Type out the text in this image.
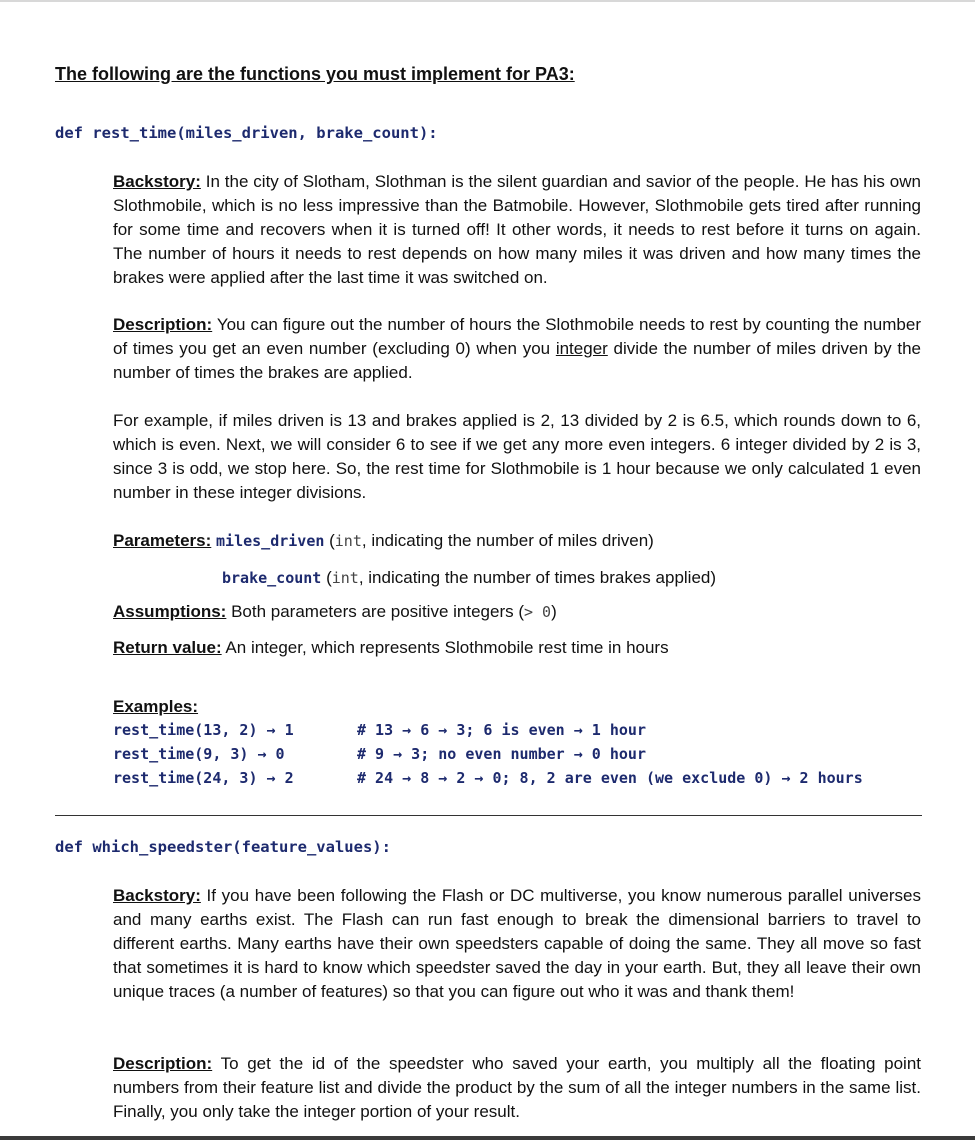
The following are the functions you must implement for PA3:
def rest_time(miles_driven, brake_count):

Backstory: In the city of Slotham, Slothman is the silent guardian and savior of the people. He has his own Slothmobile, which is no less impressive than the Batmobile. However, Slothmobile gets tired after running for some time and recovers when it is turned off! It other words, it needs to rest before it turns on again. The number of hours it needs to rest depends on how many miles it was driven and how many times the brakes were applied after the last time it was switched on.

Description: You can figure out the number of hours the Slothmobile needs to rest by counting the number of times you get an even number (excluding 0) when you integer divide the number of miles driven by the number of times the brakes are applied.

For example, if miles driven is 13 and brakes applied is 2, 13 divided by 2 is 6.5, which rounds down to 6, which is even. Next, we will consider 6 to see if we get any more even integers. 6 integer divided by 2 is 3, since 3 is odd, we stop here. So, the rest time for Slothmobile is 1 hour because we only calculated 1 even number in these integer divisions.

Parameters: miles_driven (int, indicating the number of miles driven)
brake_count (int, indicating the number of times brakes applied)
Assumptions: Both parameters are positive integers (> 0)
Return value: An integer, which represents Slothmobile rest time in hours
Examples:
rest_time(13, 2) → 1	# 13 → 6 → 3; 6 is even → 1 hour
rest_time(9, 3) → 0	# 9 → 3; no even number → 0 hour
rest_time(24, 3) → 2	# 24 → 8 → 2 → 0; 8, 2 are even (we exclude 0) → 2 hours
def which_speedster(feature_values):

Backstory: If you have been following the Flash or DC multiverse, you know numerous parallel universes and many earths exist. The Flash can run fast enough to break the dimensional barriers to travel to different earths. Many earths have their own speedsters capable of doing the same. They all move so fast that sometimes it is hard to know which speedster saved the day in your earth. But, they all leave their own unique traces (a number of features) so that you can figure out who it was and thank them!

Description: To get the id of the speedster who saved your earth, you multiply all the floating point numbers from their feature list and divide the product by the sum of all the integer numbers in the same list. Finally, you only take the integer portion of your result.
